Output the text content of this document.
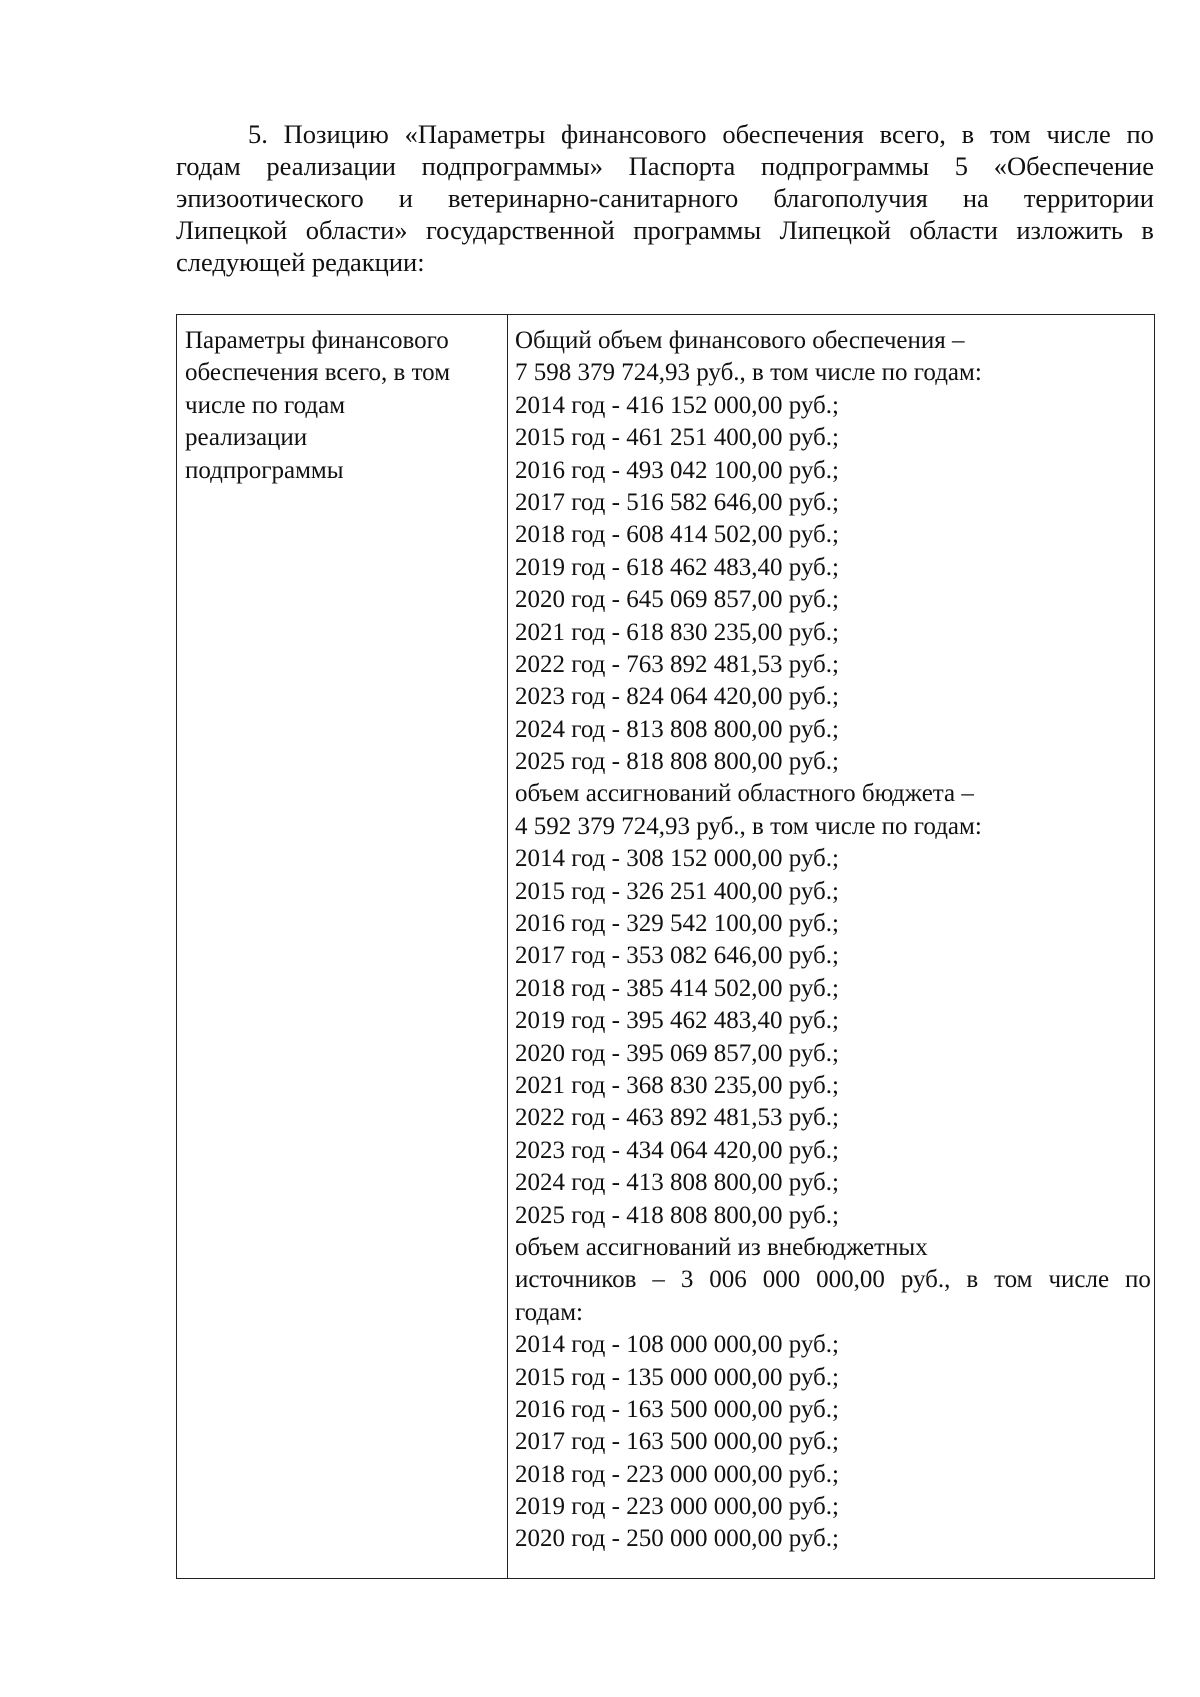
5. Позицию «Параметры финансового обеспечения всего, в том числе по
годам реализации подпрограммы» Паспорта подпрограммы 5 «Обеспечение
эпизоотического и ветеринарно-санитарного благополучия на территории
Липецкой области» государственной программы Липецкой области изложить в
следующей редакции:
Параметры финансового
обеспечения всего, в том
числе по годам
реализации
подпрограммы
Общий объем финансового обеспечения –
7 598 379 724,93 руб., в том числе по годам:
2014 год - 416 152 000,00 руб.;
2015 год - 461 251 400,00 руб.;
2016 год - 493 042 100,00 руб.;
2017 год - 516 582 646,00 руб.;
2018 год - 608 414 502,00 руб.;
2019 год - 618 462 483,40 руб.;
2020 год - 645 069 857,00 руб.;
2021 год - 618 830 235,00 руб.;
2022 год - 763 892 481,53 руб.;
2023 год - 824 064 420,00 руб.;
2024 год - 813 808 800,00 руб.;
2025 год - 818 808 800,00 руб.;
объем ассигнований областного бюджета –
4 592 379 724,93 руб., в том числе по годам:
2014 год - 308 152 000,00 руб.;
2015 год - 326 251 400,00 руб.;
2016 год - 329 542 100,00 руб.;
2017 год - 353 082 646,00 руб.;
2018 год - 385 414 502,00 руб.;
2019 год - 395 462 483,40 руб.;
2020 год - 395 069 857,00 руб.;
2021 год - 368 830 235,00 руб.;
2022 год - 463 892 481,53 руб.;
2023 год - 434 064 420,00 руб.;
2024 год - 413 808 800,00 руб.;
2025 год - 418 808 800,00 руб.;
объем ассигнований из внебюджетных
источников – 3 006 000 000,00 руб., в том числе по
годам:
2014 год - 108 000 000,00 руб.;
2015 год - 135 000 000,00 руб.;
2016 год - 163 500 000,00 руб.;
2017 год - 163 500 000,00 руб.;
2018 год - 223 000 000,00 руб.;
2019 год - 223 000 000,00 руб.;
2020 год - 250 000 000,00 руб.;
